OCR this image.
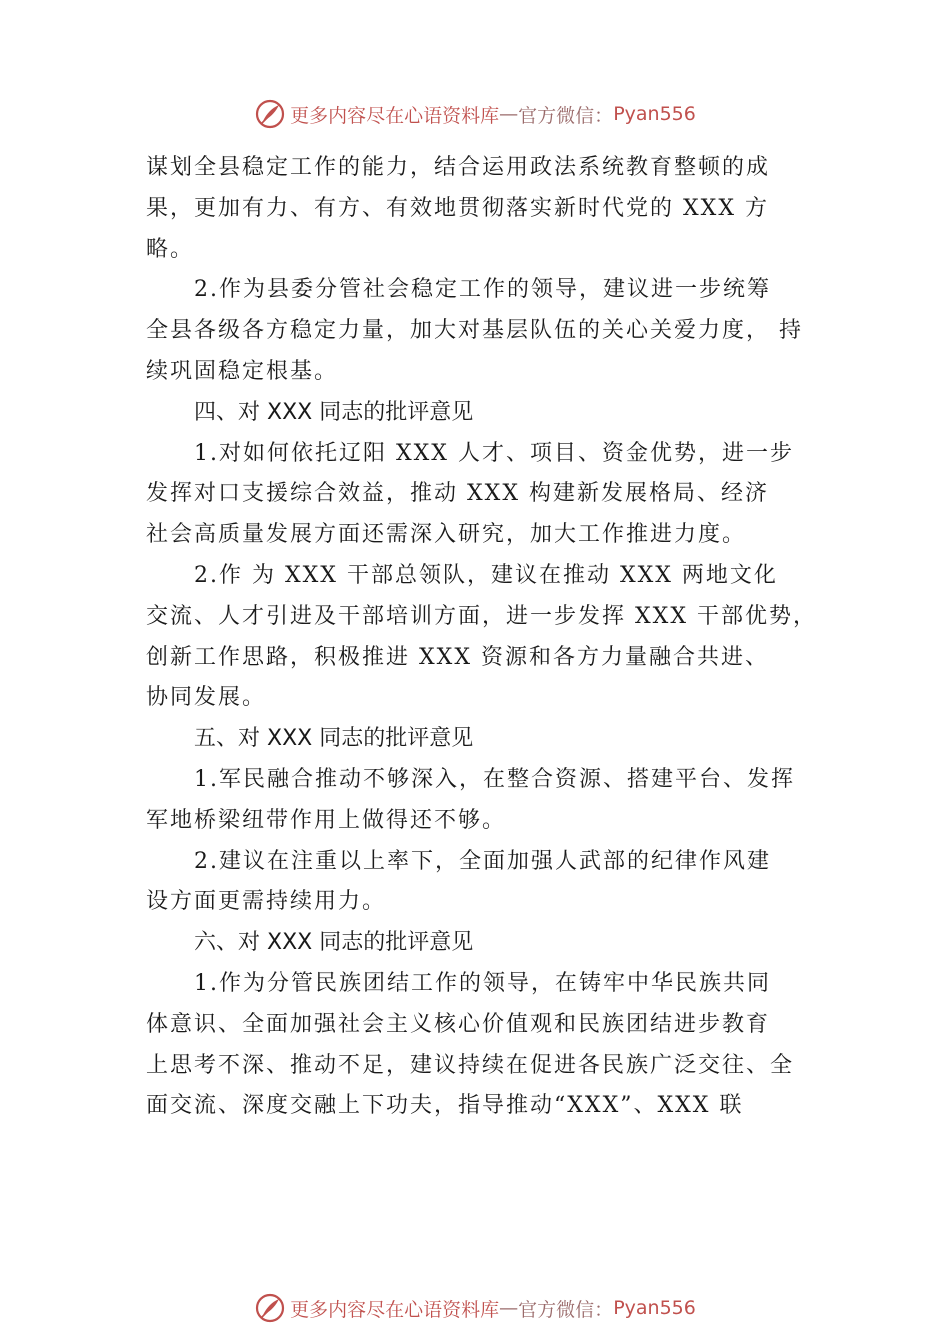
更多内容尽在心语资料库 — 官方微信： Pyan556
谋划全县稳定工作的能力，结合运用政法系统教育整顿的成
果，更加有力、有方、有效地贯彻落实新时代党的 XXX 方
略。
2.作为县委分管社会稳定工作的领导，建议进一步统筹
全县各级各方稳定力量，加大对基层队伍的关心关爱力度， 持
续巩固稳定根基。
四、对 XXX 同志的批评意见
1.对如何依托辽阳 XXX 人才、项目、资金优势，进一步
发挥对口支援综合效益，推动 XXX 构建新发展格局、经济
社会高质量发展方面还需深入研究，加大工作推进力度。
2.作 为 XXX 干部总领队，建议在推动 XXX 两地文化
交流、人才引进及干部培训方面，进一步发挥 XXX 干部优势，
创新工作思路，积极推进 XXX 资源和各方力量融合共进、
协同发展。
五、对 XXX 同志的批评意见
1.军民融合推动不够深入，在整合资源、搭建平台、发挥
军地桥梁纽带作用上做得还不够。
2.建议在注重以上率下，全面加强人武部的纪律作风建
设方面更需持续用力。
六、对 XXX 同志的批评意见
1.作为分管民族团结工作的领导，在铸牢中华民族共同
体意识、全面加强社会主义核心价值观和民族团结进步教育
上思考不深、推动不足，建议持续在促进各民族广泛交往、全
面交流、深度交融上下功夫，指导推动“XXX”、XXX 联
更多内容尽在心语资料库 — 官方微信： Pyan556
